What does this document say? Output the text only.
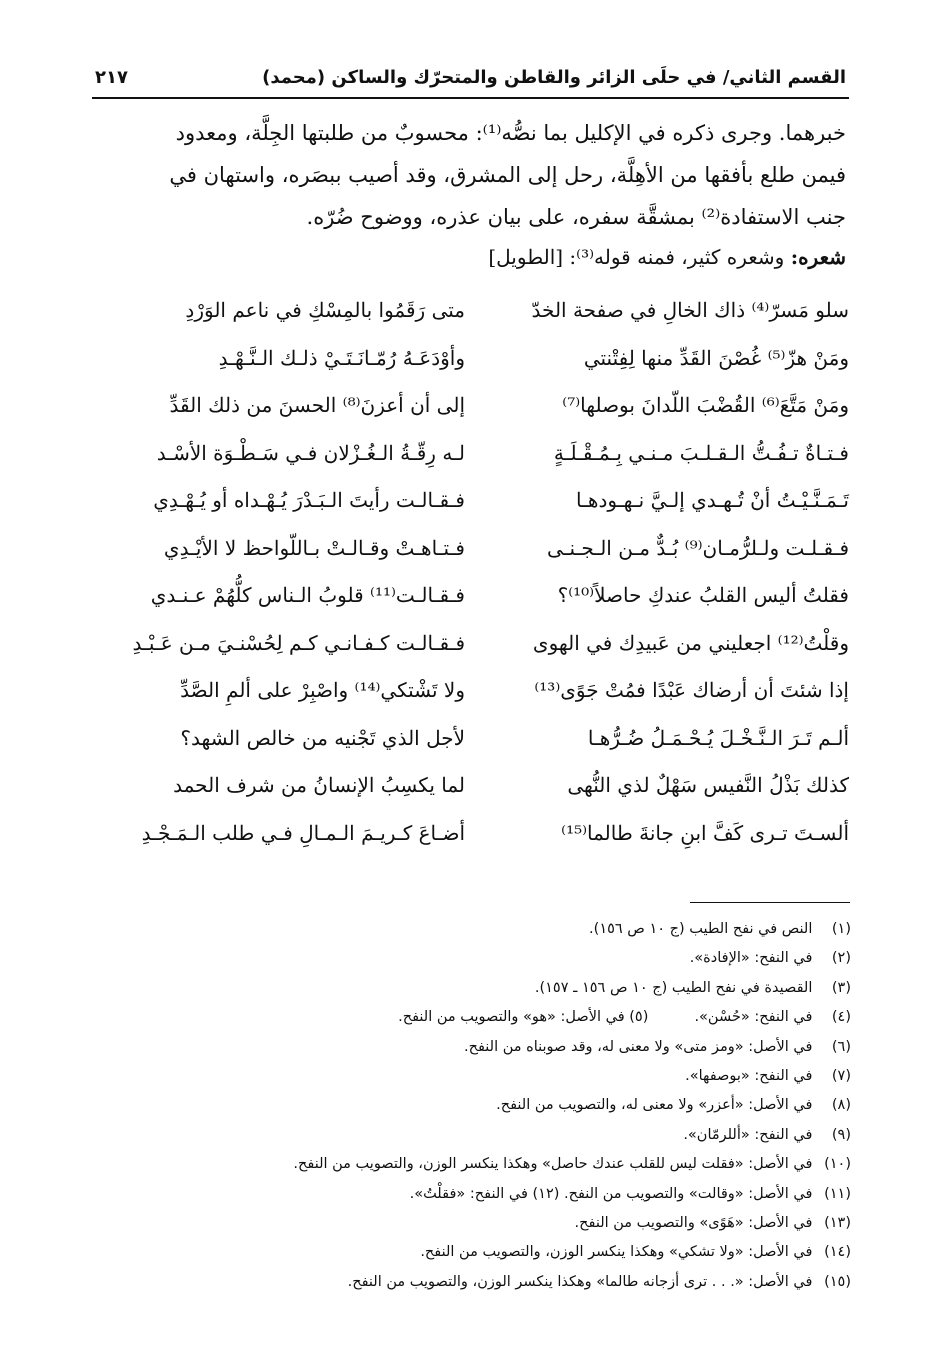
القسم الثاني/ في حلَى الزائر والقاطن والمتحرّك والساكن (محمد)
٢١٧

خبرهما. وجرى ذكره في الإكليل بما نصُّه⁽¹⁾: محسوبٌ من طلبتها الجِلَّة، ومعدود

فيمن طلع بأفقها من الأهِلَّة، رحل إلى المشرق، وقد أصيب ببصَره، واستهان في

جنب الاستفادة⁽²⁾ بمشقَّة سفره، على بيان عذره، ووضوح ضُرّه.

شعره: وشعره كثير، فمنه قوله⁽³⁾: [الطويل]
سلو مَسرّ⁽⁴⁾ ذاك الخالِ في صفحة الخدّ
متى رَقَمُوا بالمِسْكِ في ناعم الوَرْدِ
ومَنْ هزّ⁽⁵⁾ غُصْنَ القَدِّ منها لِفِتْنتي
وأوْدَعَـهُ رُمّـانَـتَـيْ ذلـك الـنَّـهْـدِ
ومَنْ مَتَّعَ⁽⁶⁾ القُضْبَ اللّدانَ بوصلها⁽⁷⁾
إلى أن أعزنَ⁽⁸⁾ الحسنَ من ذلك القَدِّ
فـتـاةٌ تـفُـتُّ الـقـلـبَ مـنـي بِـمُـقْـلَـةٍ
لـه رِقّـةُ الـغُـزْلان فـي سَـطْـوَة الأسْـد
تَـمَـنَّـيْـتُ أنْ تُـهـدي إلـيَّ نـهـودهـا
فـقـالـت رأيتَ الـبَـدْرَ يُـهْـداه أو يُـهْـدِي
فـقـلـت ولـلرُّمـان⁽⁹⁾ بُـدٌّ مـن الـجـنـى
فـتـاهـتْ وقـالـتْ بـاللّواحظ لا الأيْـدِي
فقلتُ أليس القلبُ عندكِ حاصلاً⁽¹⁰⁾؟
فـقـالـت⁽¹¹⁾ قلوبُ الـناس كلُّهُمْ عـنـدي
وقلْتُ⁽¹²⁾ اجعليني من عَبيدِك في الهوى
فـقـالـت كـفـانـي كـم لِحُسْنـيَ مـن عَـبْـدِ
إذا شئتَ أن أرضاك عَبْدًا فمُتْ جَوًى⁽¹³⁾
ولا تَشْتكي⁽¹⁴⁾ واصْبِرْ على ألمِ الصَّدِّ
ألـم تَـرَ الـنَّـخْـلَ يُـحْـمَـلُ ضُـرُّهـا
لأجل الذي تَجْنيه من خالص الشهد؟
كذلك بَذْلُ النَّفيس سَهْلٌ لذي النُّهى
لما يكسِبُ الإنسانُ من شرف الحمد
ألسـتَ تـرى كَفَّ ابنِ جانةَ طالما⁽¹⁵⁾
أضـاعَ كـريـمَ الـمـالِ فـي طلب الـمَـجْـدِ
(١) النص في نفح الطيب (ج ١٠ ص ١٥٦).
(٢) في النفح: «الإفادة».
(٣) القصيدة في نفح الطيب (ج ١٠ ص ١٥٦ ـ ١٥٧).
(٤) في النفح: «حُسْن».          (٥) في الأصل: «هو» والتصويب من النفح.
(٦) في الأصل: «ومز متى» ولا معنى له، وقد صوبناه من النفح.
(٧) في النفح: «بوصفها».
(٨) في الأصل: «أعزر» ولا معنى له، والتصويب من النفح.
(٩) في النفح: «أللرمّان».
(١٠) في الأصل: «فقلت ليس للقلب عندك حاصل» وهكذا ينكسر الوزن، والتصويب من النفح.
(١١) في الأصل: «وقالت» والتصويب من النفح. (١٢) في النفح: «فقلْتُ».
(١٣) في الأصل: «هَوًى» والتصويب من النفح.
(١٤) في الأصل: «ولا تشكي» وهكذا ينكسر الوزن، والتصويب من النفح.
(١٥) في الأصل: «. . . ترى أزجانه طالما» وهكذا ينكسر الوزن، والتصويب من النفح.
